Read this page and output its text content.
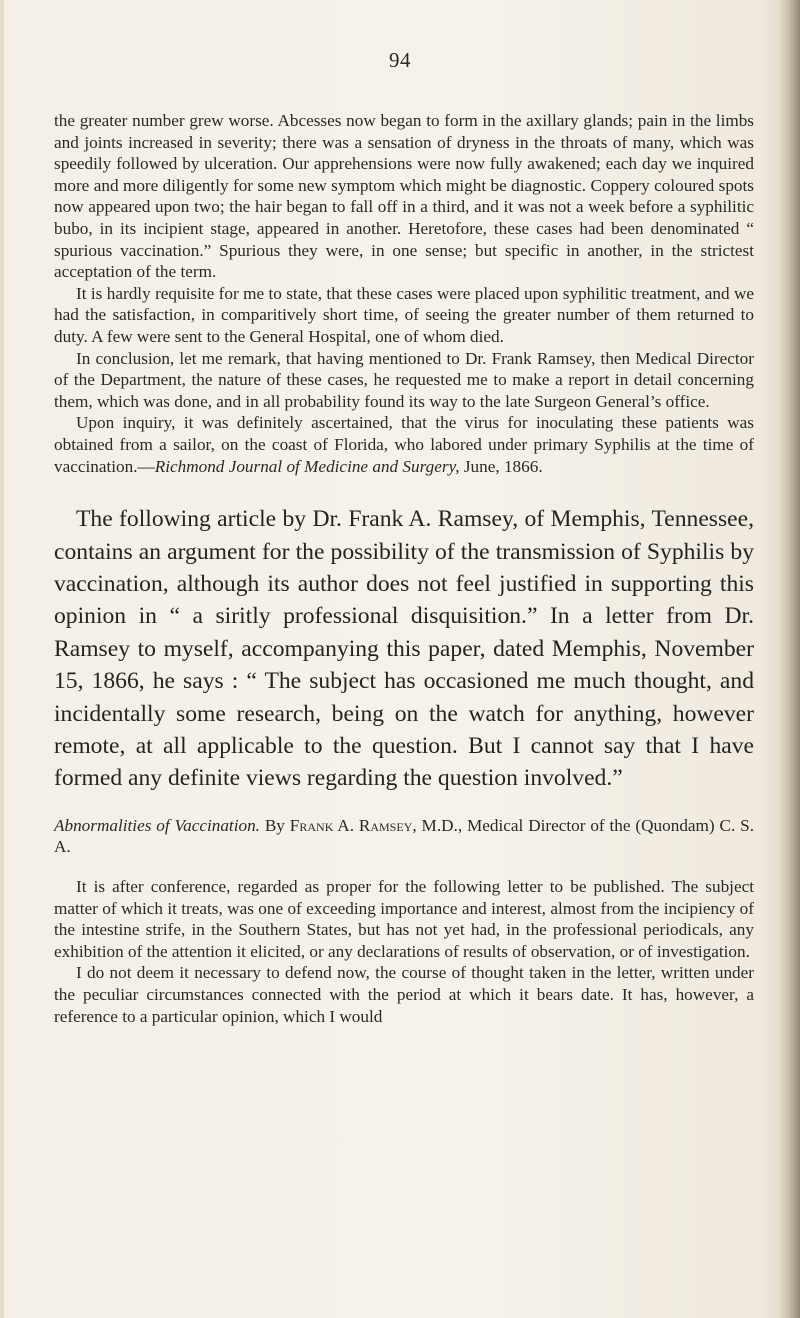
94

the greater number grew worse. Abcesses now began to form in the axillary glands; pain in the limbs and joints increased in severity; there was a sensation of dryness in the throats of many, which was speedily followed by ulceration. Our apprehensions were now fully awakened; each day we inquired more and more diligently for some new symptom which might be diagnostic. Coppery coloured spots now appeared upon two; the hair began to fall off in a third, and it was not a week before a syphilitic bubo, in its incipient stage, appeared in another. Heretofore, these cases had been denominated “ spurious vaccination.” Spurious they were, in one sense; but specific in another, in the strictest acceptation of the term.

It is hardly requisite for me to state, that these cases were placed upon syphilitic treatment, and we had the satisfaction, in comparitively short time, of seeing the greater number of them returned to duty. A few were sent to the General Hospital, one of whom died.

In conclusion, let me remark, that having mentioned to Dr. Frank Ramsey, then Medical Director of the Department, the nature of these cases, he requested me to make a report in detail concerning them, which was done, and in all probability found its way to the late Surgeon General’s office.

Upon inquiry, it was definitely ascertained, that the virus for inoculating these patients was obtained from a sailor, on the coast of Florida, who labored under primary Syphilis at the time of vaccination.—Richmond Journal of Medicine and Surgery, June, 1866.

The following article by Dr. Frank A. Ramsey, of Memphis, Tennessee, contains an argument for the possibility of the transmission of Syphilis by vaccination, although its author does not feel justified in supporting this opinion in “ a siritly professional disquisition.” In a letter from Dr. Ramsey to myself, accompanying this paper, dated Memphis, November 15, 1866, he says : “ The subject has occasioned me much thought, and incidentally some research, being on the watch for anything, however remote, at all applicable to the question. But I cannot say that I have formed any definite views regarding the question involved.”

Abnormalities of Vaccination. By Frank A. Ramsey, M.D., Medical Director of the (Quondam) C. S. A.

It is after conference, regarded as proper for the following letter to be published. The subject matter of which it treats, was one of exceeding importance and interest, almost from the incipiency of the intestine strife, in the Southern States, but has not yet had, in the professional periodicals, any exhibition of the attention it elicited, or any declarations of results of observation, or of investigation.

I do not deem it necessary to defend now, the course of thought taken in the letter, written under the peculiar circumstances connected with the period at which it bears date. It has, however, a reference to a particular opinion, which I would
